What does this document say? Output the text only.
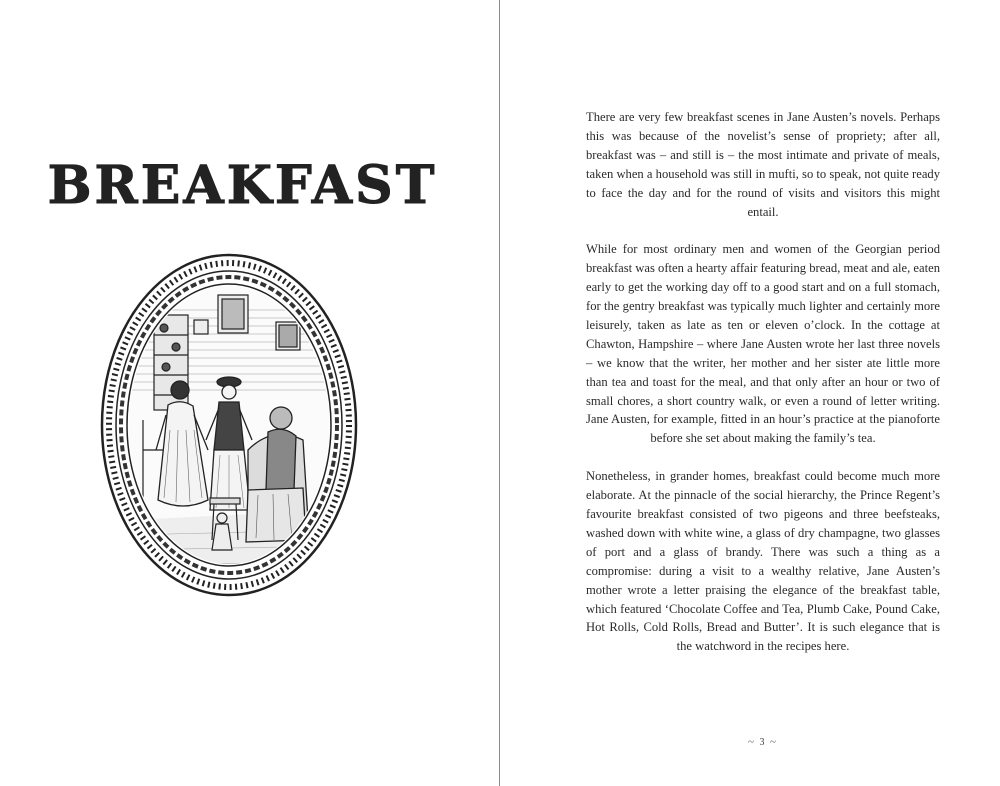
BREAKFAST

There are very few breakfast scenes in Jane Austen’s novels. Perhaps this was because of the novelist’s sense of propriety; after all, breakfast was – and still is – the most intimate and private of meals, taken when a household was still in mufti, so to speak, not quite ready to face the day and for the round of visits and visitors this might entail.

While for most ordinary men and women of the Georgian period breakfast was often a hearty affair featuring bread, meat and ale, eaten early to get the working day off to a good start and on a full stomach, for the gentry breakfast was typically much lighter and certainly more leisurely, taken as late as ten or eleven o’clock. In the cottage at Chawton, Hampshire – where Jane Austen wrote her last three novels – we know that the writer, her mother and her sister ate little more than tea and toast for the meal, and that only after an hour or two of small chores, a short country walk, or even a round of letter writing. Jane Austen, for example, fitted in an hour’s practice at the pianoforte before she set about making the family’s tea.

Nonetheless, in grander homes, breakfast could become much more elaborate. At the pinnacle of the social hierarchy, the Prince Regent’s favourite breakfast consisted of two pigeons and three beefsteaks, washed down with white wine, a glass of dry champagne, two glasses of port and a glass of brandy. There was such a thing as a compromise: during a visit to a wealthy relative, Jane Austen’s mother wrote a letter praising the elegance of the breakfast table, which featured ‘Chocolate Coffee and Tea, Plumb Cake, Pound Cake, Hot Rolls, Cold Rolls, Bread and Butter’. It is such elegance that is the watchword in the recipes here.

~ 3 ~
